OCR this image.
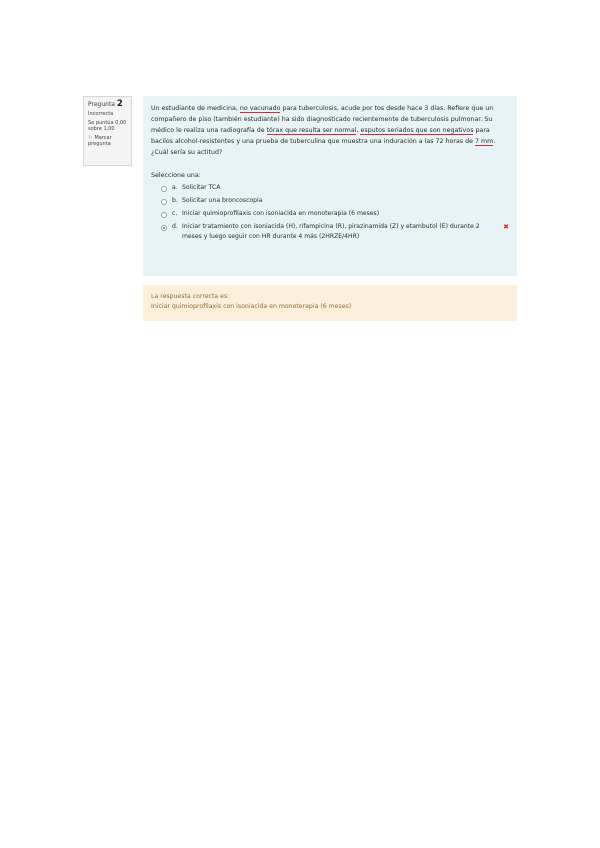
Pregunta 2
Incorrecta
Se puntúa 0,00
sobre 1,00
⚐ Marcar
pregunta
Un estudiante de medicina, no vacunado para tuberculosis, acude por tos desde hace 3 días. Refiere que un compañero de piso (también estudiante) ha sido diagnosticado recientemente de tuberculosis pulmonar. Su médico le realiza una radiografía de tórax que resulta ser normal, esputos seriados que son negativos para bacilos alcohol-resistentes y una prueba de tuberculina que muestra una induración a las 72 horas de 7 mm. ¿Cuál sería su actitud?
Seleccione una:
a. Solicitar TCA
b. Solicitar una broncoscopia
c. Iniciar quimioprofilaxis con isoniacida en monoterapia (6 meses)
d. Iniciar tratamiento con isoniacida (H), rifampicina (R), pirazinamida (Z) y etambutol (E) durante 2 meses y luego seguir con HR durante 4 más (2HRZE/4HR)
✖
La respuesta correcta es:
Iniciar quimioprofilaxis con isoniacida en monoterapia (6 meses)
